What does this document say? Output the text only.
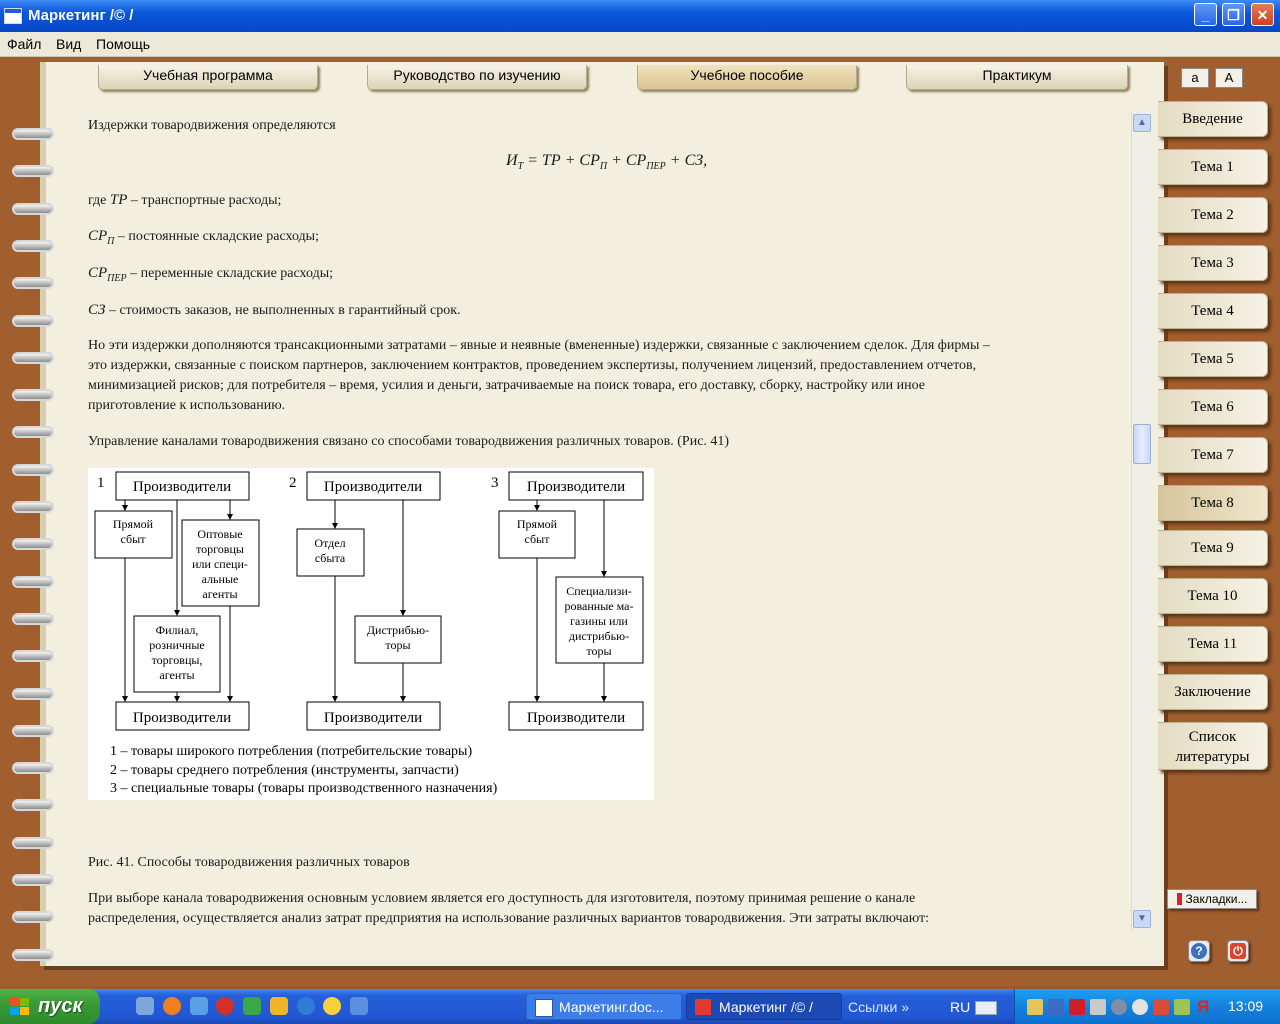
Маркетинг /© /	_	❐	✕
Файл Вид Помощь
Учебная программа	Руководство по изучению	Учебное пособие	Практикум	a	A
Издержки товародвижения определяются
$И_Т$ = ТР + $СР_П + СР_{ПЕР}$ + СЗ,
где ТР – транспортные расходы;
$СР_П$ – постоянные складские расходы;
$СР_{ПЕР}$ – переменные складские расходы;
СЗ – стоимость заказов, не выполненных в гарантийный срок.
Но эти издержки дополняются трансакционными затратами – явные и неявные (вмененные) издержки, связанные с заключением сделок. Для фирмы –
это издержки, связанные с поиском партнеров, заключением контрактов, проведением экспертизы, получением лицензий, предоставлением отчетов,
минимизацией рисков; для потребителя – время, усилия и деньги, затрачиваемые на поиск товара, его доставку, сборку, настройку или иное
приготовление к использованию.
Управление каналами товародвижения связано со способами товародвижения различных товаров. (Рис. 41)
Рис. 41. Способы товародвижения различных товаров
При выборе канала товародвижения основным условием является его доступность для изготовителя, поэтому принимая решение о канале
распределения, осуществляется анализ затрат предприятия на использование различных вариантов товародвижения. Эти затраты включают:
1	2	3
Производители	Производители	Производители
Производители	Производители	Производители
Прямой
сбыт	Оптовые
торговцы
или специ-
альные
агенты
Филиал,
розничные
торговцы,
агенты
Отдел
сбыта
Дистрибью-
торы
Прямой
сбыт
Специализи-
рованные ма-
газины или
дистрибью-
торы
1 – товары широкого потребления (потребительские товары)
2 – товары среднего потребления (инструменты, запчасти)
3 – специальные товары (товары производственного назначения)
▲
▼
Введение
Тема 1
Тема 2
Тема 3
Тема 4
Тема 5
Тема 6
Тема 7
Тема 8
Тема 9
Тема 10
Тема 11
Заключение
Список
литературы
Закладки...
?	⏻
пуск	Маркетинг.doc...	Маркетинг /© /	Ссылки »	RU	Я 13:09
